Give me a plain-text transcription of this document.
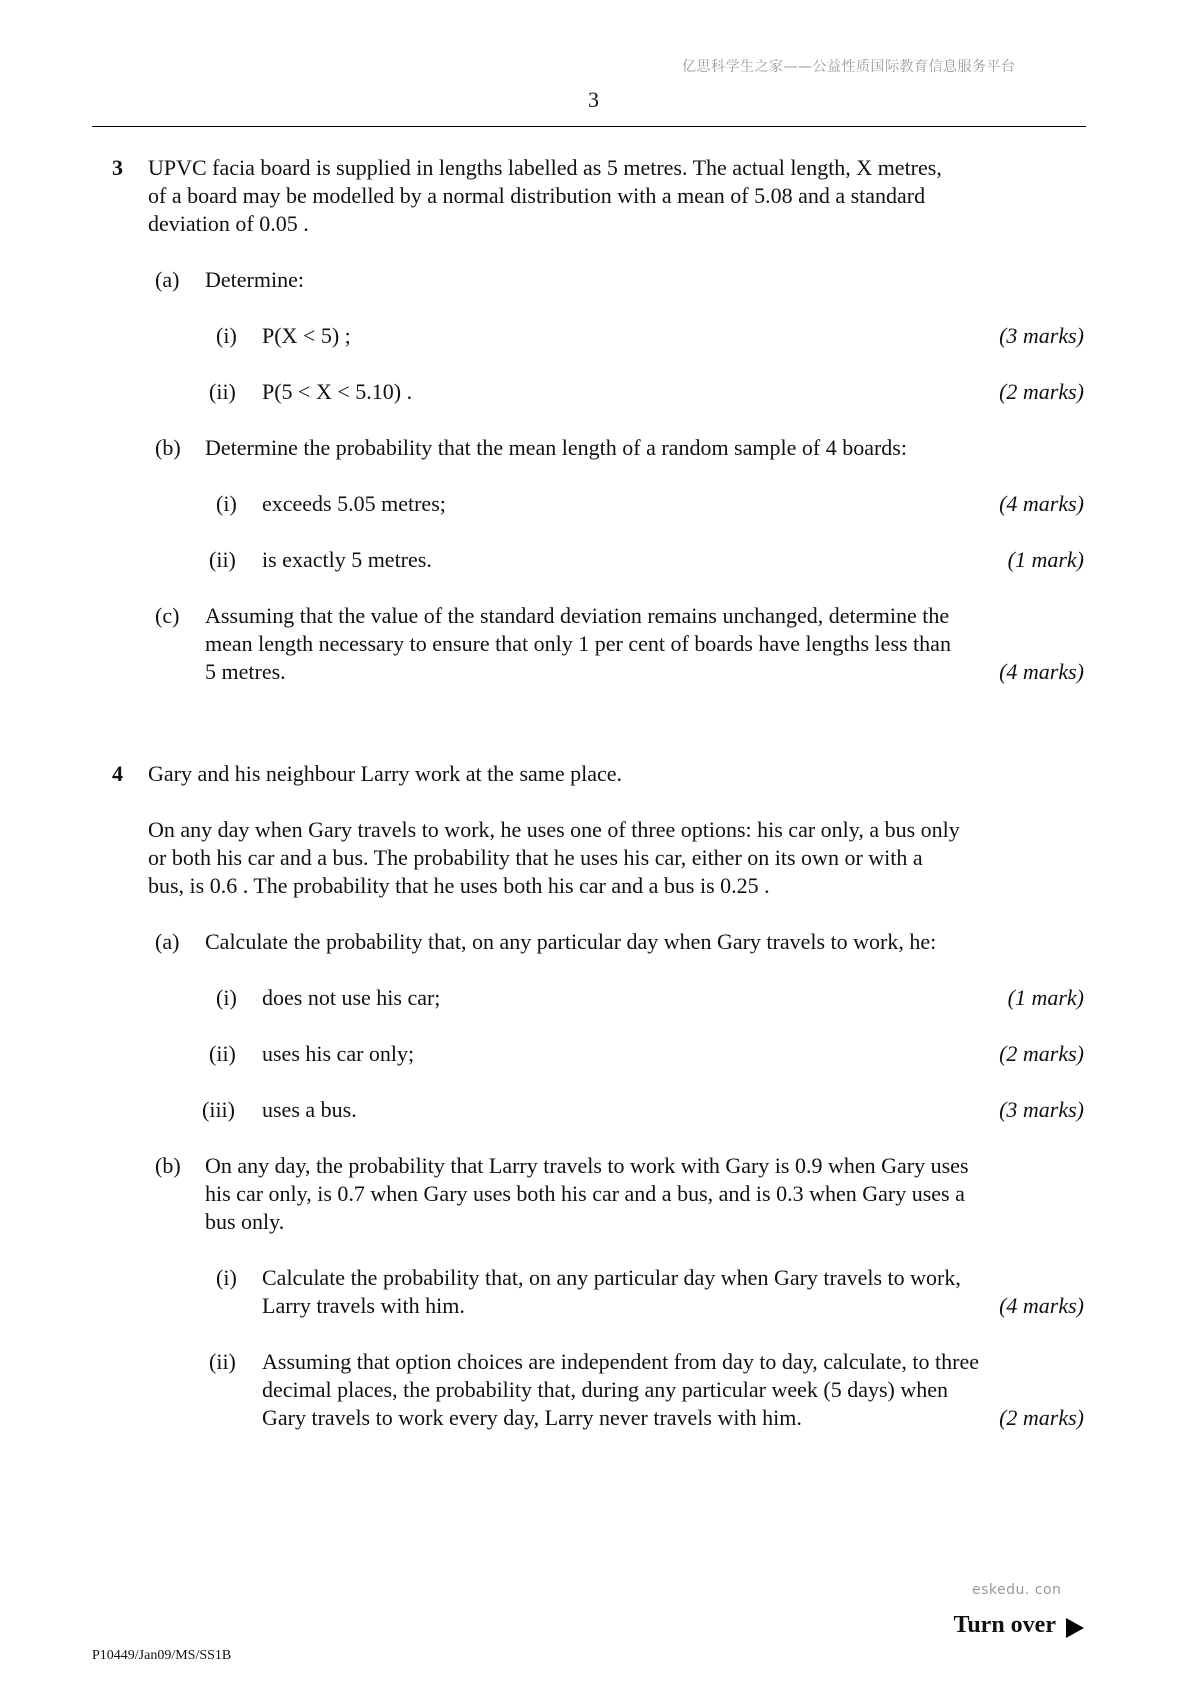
亿思科学生之家——公益性质国际教育信息服务平台
3
3 UPVC facia board is supplied in lengths labelled as 5 metres. The actual length, X metres,
of a board may be modelled by a normal distribution with a mean of 5.08 and a standard
deviation of 0.05 .
(a) Determine:
(i) P(X < 5) ;	(3 marks)
(ii) P(5 < X < 5.10) .	(2 marks)
(b) Determine the probability that the mean length of a random sample of 4 boards:
(i) exceeds 5.05 metres;	(4 marks)
(ii) is exactly 5 metres.	(1 mark)
(c) Assuming that the value of the standard deviation remains unchanged, determine the
mean length necessary to ensure that only 1 per cent of boards have lengths less than
5 metres.	(4 marks)
4 Gary and his neighbour Larry work at the same place.
On any day when Gary travels to work, he uses one of three options: his car only, a bus only
or both his car and a bus. The probability that he uses his car, either on its own or with a
bus, is 0.6 . The probability that he uses both his car and a bus is 0.25 .
(a) Calculate the probability that, on any particular day when Gary travels to work, he:
(i) does not use his car;	(1 mark)
(ii) uses his car only;	(2 marks)
(iii) uses a bus.	(3 marks)
(b) On any day, the probability that Larry travels to work with Gary is 0.9 when Gary uses
his car only, is 0.7 when Gary uses both his car and a bus, and is 0.3 when Gary uses a
bus only.
(i) Calculate the probability that, on any particular day when Gary travels to work,
Larry travels with him.	(4 marks)
(ii) Assuming that option choices are independent from day to day, calculate, to three
decimal places, the probability that, during any particular week (5 days) when
Gary travels to work every day, Larry never travels with him.	(2 marks)
eskedu. con
Turn over
P10449/Jan09/MS/SS1B
